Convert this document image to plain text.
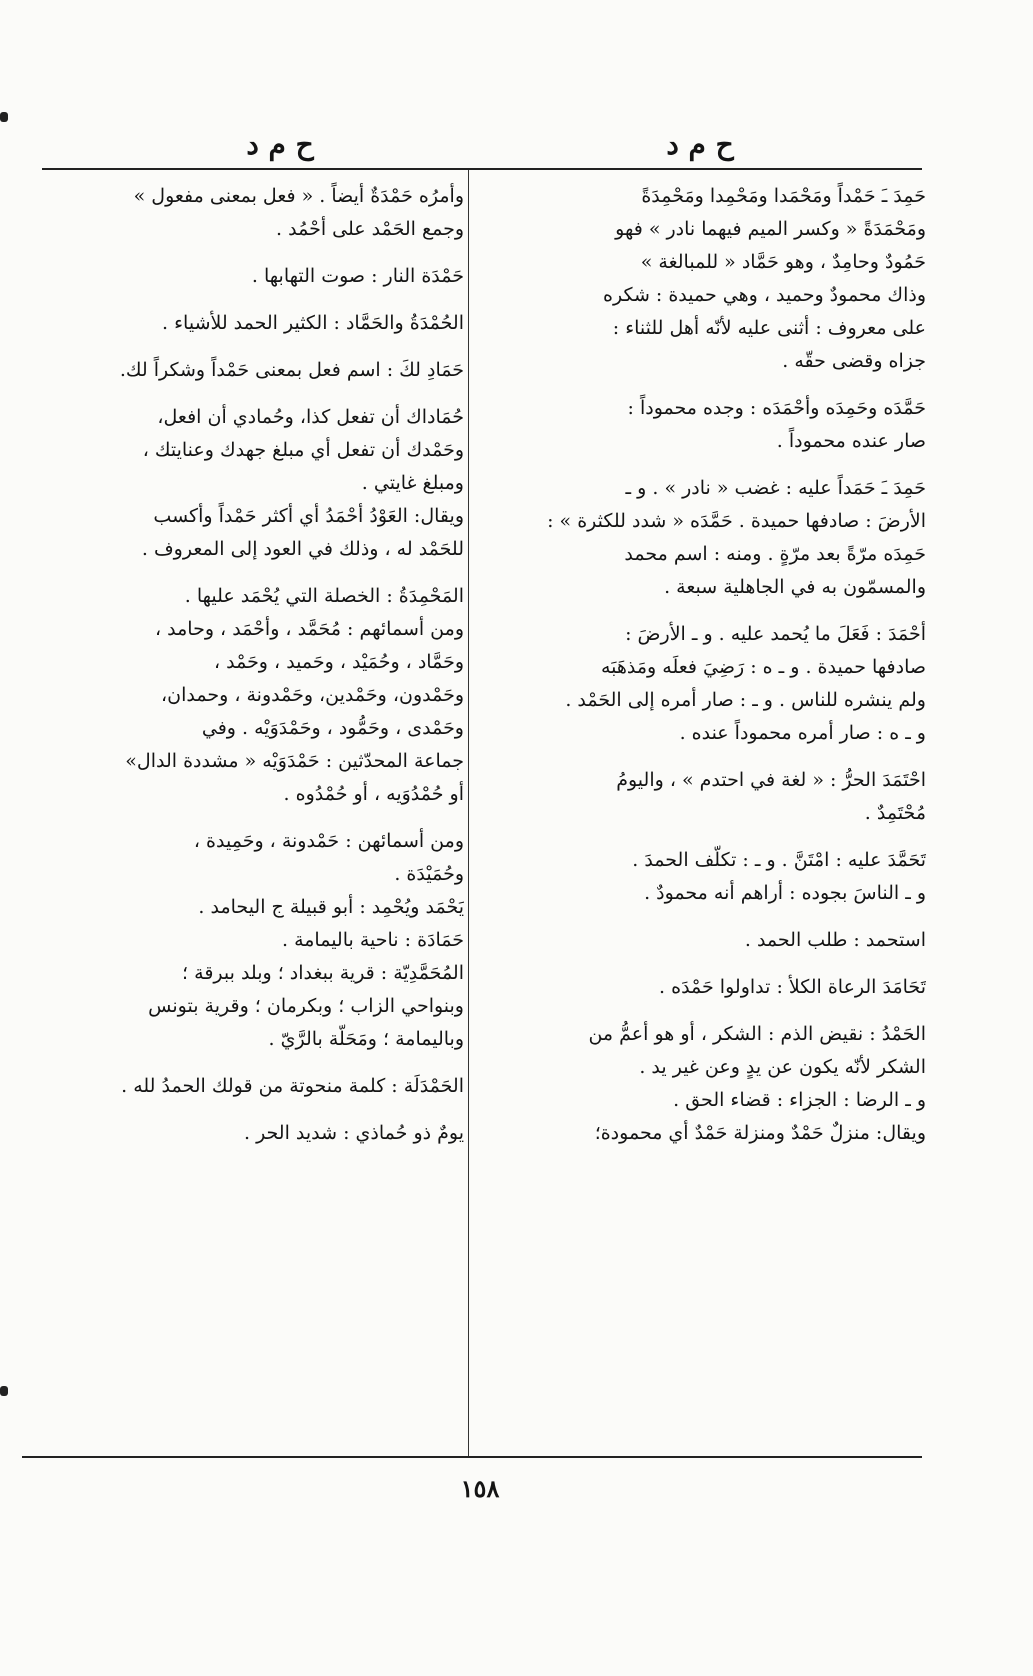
ح م د
ح م د
حَمِدَ ـَ حَمْداً ومَحْمَدا ومَحْمِدا ومَحْمِدَةً
ومَحْمَدَةً « وكسر الميم فيهما نادر » فهو
حَمُودٌ وحامِدٌ ، وهو حَمَّاد « للمبالغة »
وذاك محمودٌ وحميد ، وهي حميدة : شكره
على معروف : أثنى عليه لأنّه أهل للثناء :
جزاه وقضى حقّه .
حَمَّدَه وحَمِدَه وأحْمَدَه : وجده محموداً :
صار عنده محموداً .
حَمِدَ ـَ حَمَداً عليه : غضب « نادر » . و ـ
الأرضَ : صادفها حميدة . حَمَّدَه « شدد للكثرة » :
حَمِدَه مرّةً بعد مرّةٍ . ومنه : اسم محمد
والمسمّون به في الجاهلية سبعة .
أحْمَدَ : فَعَلَ ما يُحمد عليه . و ـ الأرضَ :
صادفها حميدة . و ـ ه : رَضِيَ فعلَه ومَذهَبَه
ولم ينشره للناس . و ـ : صار أمره إلى الحَمْد .
و ـ ه : صار أمره محموداً عنده .
احْتَمَدَ الحرُّ : « لغة في احتدم » ، واليومُ
مُحْتَمِدٌ .
تَحَمَّدَ عليه : امْتَنَّ . و ـ : تكلّف الحمدَ .
و ـ الناسَ بجوده : أراهم أنه محمودٌ .
استحمد : طلب الحمد .
تَحَامَدَ الرعاة الكلأ : تداولوا حَمْدَه .
الحَمْدُ : نقيض الذم : الشكر ، أو هو أعمُّ من
الشكر لأنّه يكون عن يدٍ وعن غير يد .
و ـ الرضا : الجزاء : قضاء الحق .
ويقال: منزلٌ حَمْدٌ ومنزلة حَمْدٌ أي محمودة؛
وأمرُه حَمْدَةٌ أيضاً . « فعل بمعنى مفعول »
وجمع الحَمْد على أحْمُد .
حَمْدَة النار : صوت التهابها .
الحُمْدَةُ والحَمَّاد : الكثير الحمد للأشياء .
حَمَادِ لكَ : اسم فعل بمعنى حَمْداً وشكراً لك.
حُمَاداك أن تفعل كذا، وحُمادي أن افعل،
وحَمْدك أن تفعل أي مبلغ جهدك وعنايتك ،
ومبلغ غايتي .
ويقال: العَوْدُ أحْمَدُ أي أكثر حَمْداً وأكسب
للحَمْد له ، وذلك في العود إلى المعروف .
المَحْمِدَةُ : الخصلة التي يُحْمَد عليها .
ومن أسمائهم : مُحَمَّد ، وأحْمَد ، وحامد ،
وحَمَّاد ، وحُمَيْد ، وحَميد ، وحَمْد ،
وحَمْدون، وحَمْدين، وحَمْدونة ، وحمدان،
وحَمْدى ، وحَمُّود ، وحَمْدَوَيْه . وفي
جماعة المحدّثين : حَمْدَوَيْه « مشددة الدال»
أو حُمْدُوَيه ، أو حُمْدُوه .
ومن أسمائهن : حَمْدونة ، وحَمِيدة ،
وحُمَيْدَة .
يَحْمَد ويُحْمِد : أبو قبيلة ج اليحامد .
حَمَادَة : ناحية باليمامة .
المُحَمَّدِيّة : قرية ببغداد ؛ وبلد ببرقة ؛
وبنواحي الزاب ؛ وبكرمان ؛ وقرية بتونس
وباليمامة ؛ ومَحَلّة بالرَّيّ .
الحَمْدَلَة : كلمة منحوتة من قولك الحمدُ لله .
يومٌ ذو حُماذي : شديد الحر .
١٥٨
